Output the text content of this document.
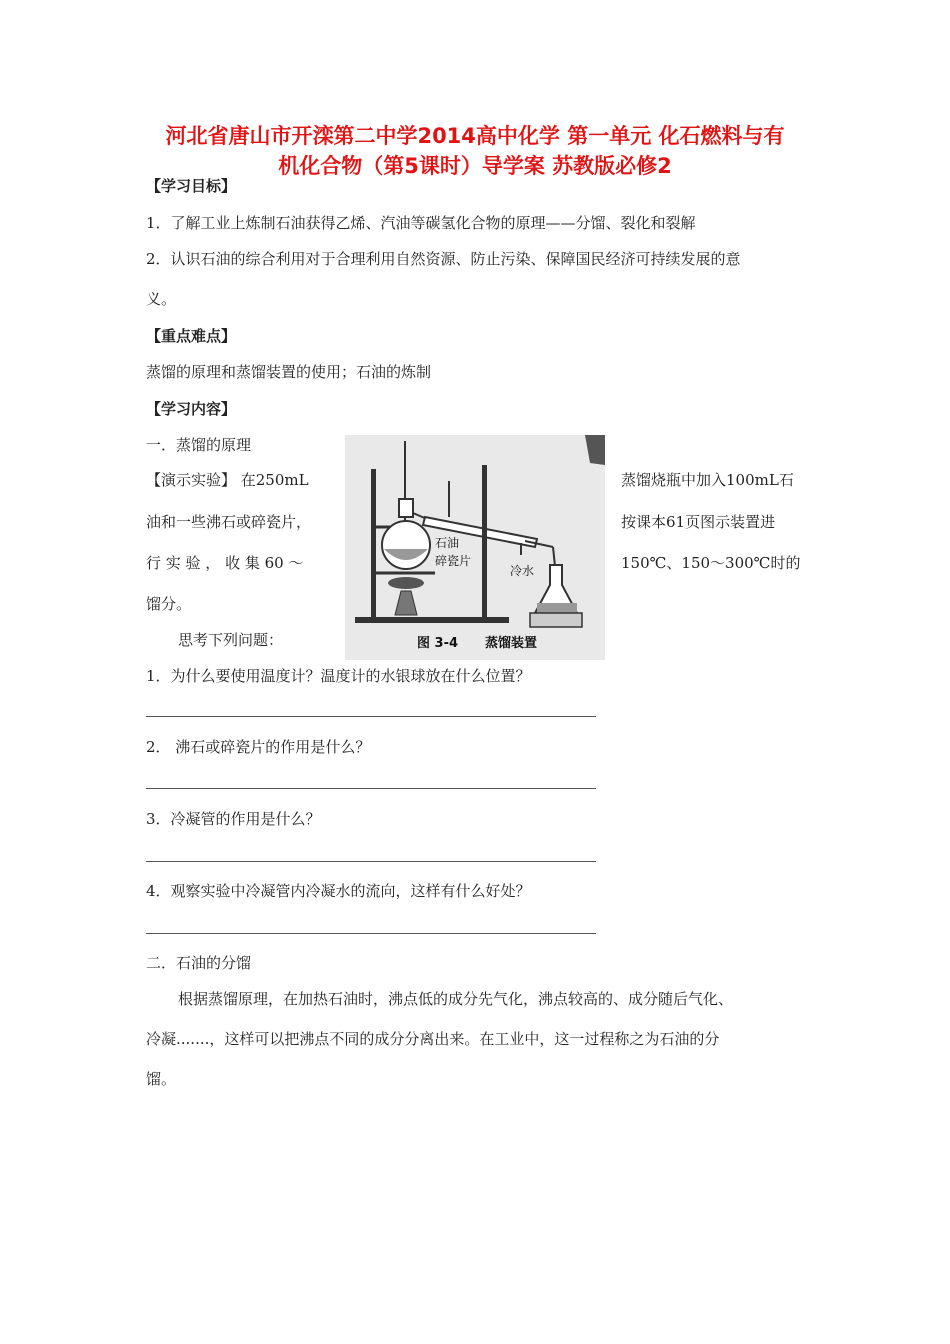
河北省唐山市开滦第二中学2014高中化学 第一单元 化石燃料与有
机化合物（第5课时）导学案 苏教版必修2
【学习目标】
1．了解工业上炼制石油获得乙烯、汽油等碳氢化合物的原理——分馏、裂化和裂解
2．认识石油的综合利用对于合理利用自然资源、防止污染、保障国民经济可持续发展的意
义。
【重点难点】
蒸馏的原理和蒸馏装置的使用；石油的炼制
【学习内容】
一．蒸馏的原理
【演示实验】 在250mL	蒸馏烧瓶中加入100mL石
油和一些沸石或碎瓷片，	按课本61页图示装置进
行 实 验 ， 收 集 60 ～	150℃、150～300℃时的
馏分。
石油
碎瓷片
冷水
图 3-4 蒸馏装置
思考下列问题：
1．为什么要使用温度计？温度计的水银球放在什么位置？
2． 沸石或碎瓷片的作用是什么？
3．冷凝管的作用是什么？
4．观察实验中冷凝管内冷凝水的流向，这样有什么好处？
二．石油的分馏
根据蒸馏原理，在加热石油时，沸点低的成分先气化，沸点较高的、成分随后气化、
冷凝.......，这样可以把沸点不同的成分分离出来。在工业中，这一过程称之为石油的分
馏。
